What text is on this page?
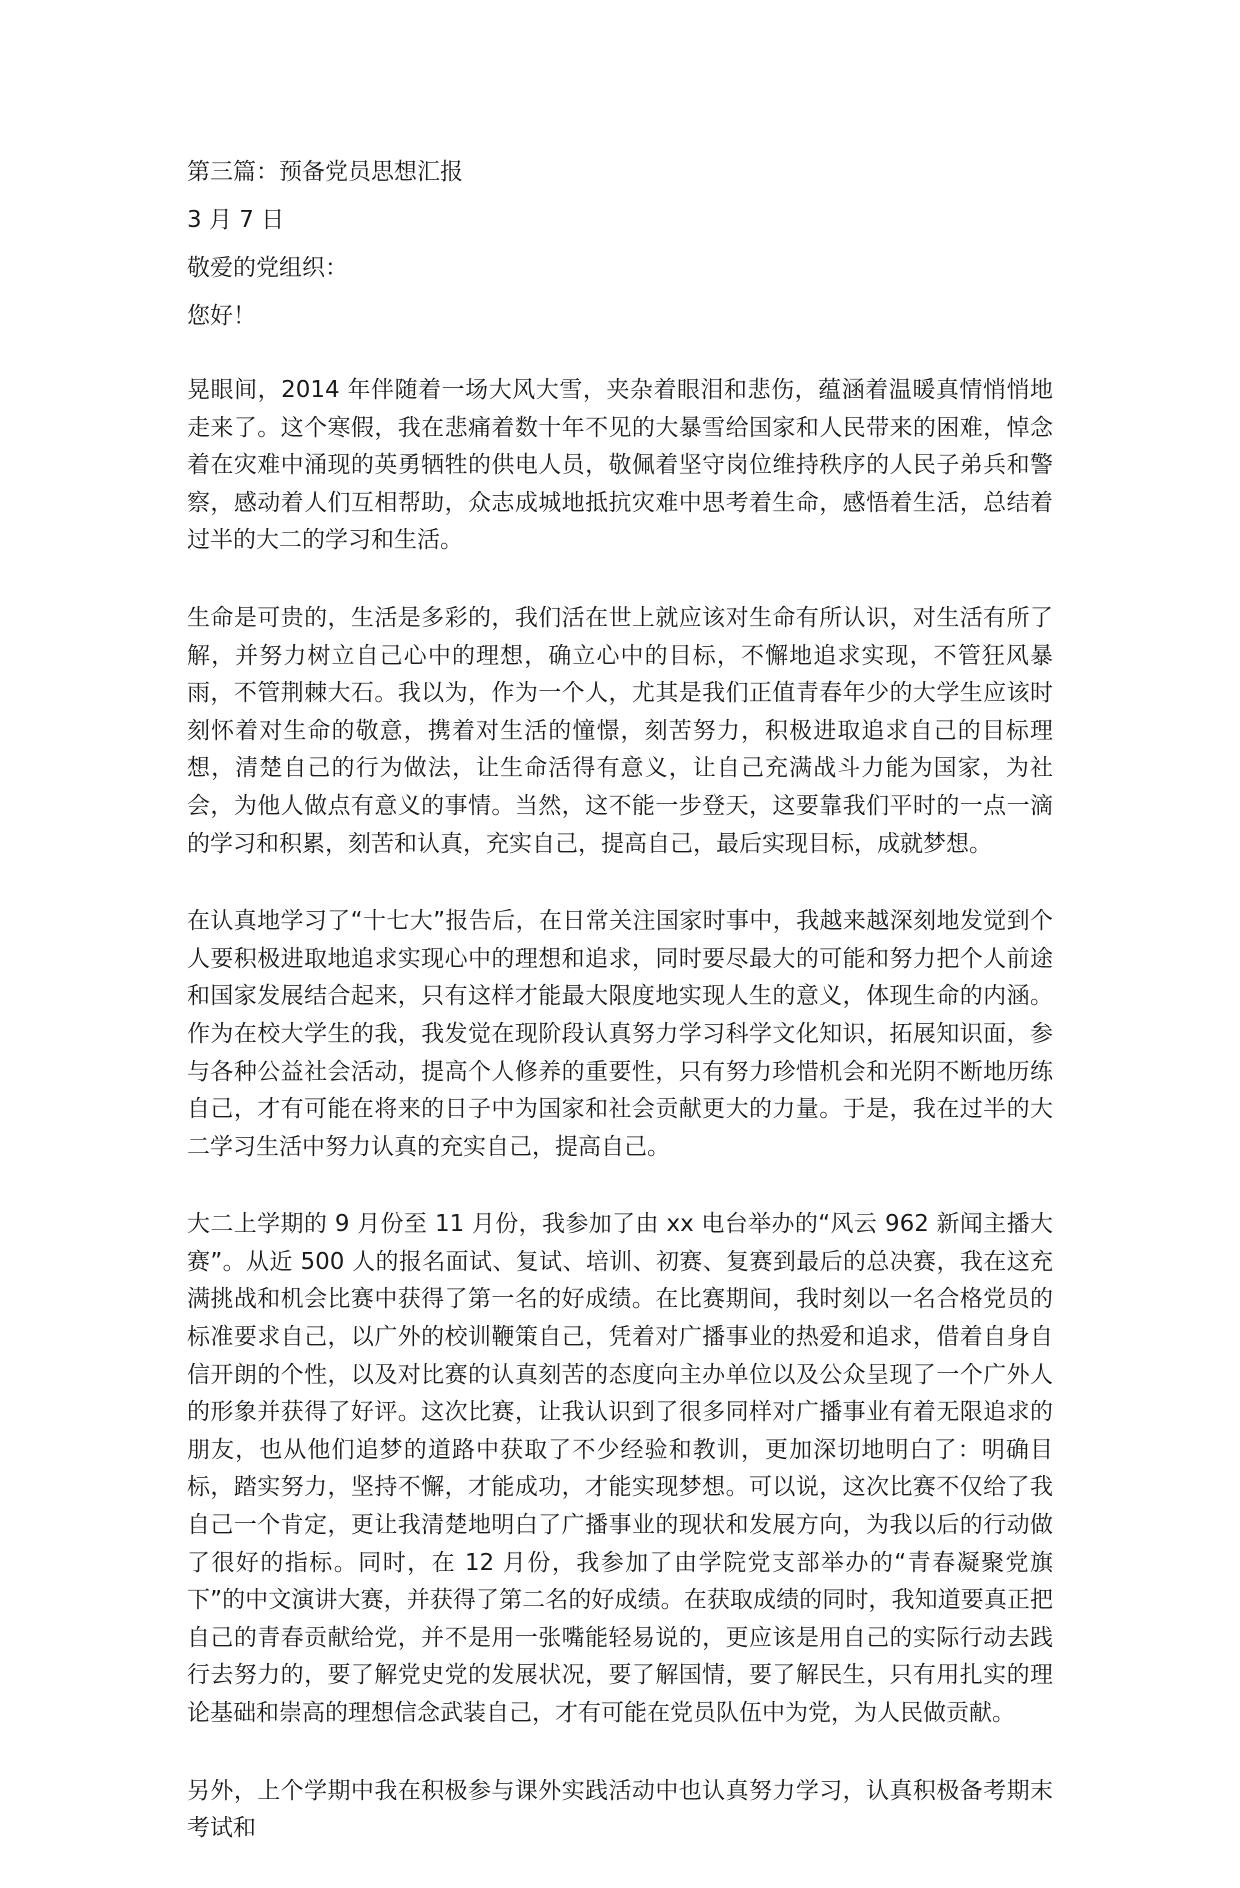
第三篇：预备党员思想汇报

3 月 7 日

敬爱的党组织：

您好！

晃眼间，2014 年伴随着一场大风大雪，夹杂着眼泪和悲伤，蕴涵着温暖真情悄悄地走来了。这个寒假，我在悲痛着数十年不见的大暴雪给国家和人民带来的困难，悼念着在灾难中涌现的英勇牺牲的供电人员，敬佩着坚守岗位维持秩序的人民子弟兵和警察，感动着人们互相帮助，众志成城地抵抗灾难中思考着生命，感悟着生活，总结着过半的大二的学习和生活。

生命是可贵的，生活是多彩的，我们活在世上就应该对生命有所认识，对生活有所了解，并努力树立自己心中的理想，确立心中的目标，不懈地追求实现，不管狂风暴雨，不管荆棘大石。我以为，作为一个人，尤其是我们正值青春年少的大学生应该时刻怀着对生命的敬意，携着对生活的憧憬，刻苦努力，积极进取追求自己的目标理想，清楚自己的行为做法，让生命活得有意义，让自己充满战斗力能为国家，为社会，为他人做点有意义的事情。当然，这不能一步登天，这要靠我们平时的一点一滴的学习和积累，刻苦和认真，充实自己，提高自己，最后实现目标，成就梦想。

在认真地学习了“十七大”报告后，在日常关注国家时事中，我越来越深刻地发觉到个人要积极进取地追求实现心中的理想和追求，同时要尽最大的可能和努力把个人前途和国家发展结合起来，只有这样才能最大限度地实现人生的意义，体现生命的内涵。作为在校大学生的我，我发觉在现阶段认真努力学习科学文化知识，拓展知识面，参与各种公益社会活动，提高个人修养的重要性，只有努力珍惜机会和光阴不断地历练自己，才有可能在将来的日子中为国家和社会贡献更大的力量。于是，我在过半的大二学习生活中努力认真的充实自己，提高自己。

大二上学期的 9 月份至 11 月份，我参加了由 xx 电台举办的“风云 962 新闻主播大赛”。从近 500 人的报名面试、复试、培训、初赛、复赛到最后的总决赛，我在这充满挑战和机会比赛中获得了第一名的好成绩。在比赛期间，我时刻以一名合格党员的标准要求自己，以广外的校训鞭策自己，凭着对广播事业的热爱和追求，借着自身自信开朗的个性，以及对比赛的认真刻苦的态度向主办单位以及公众呈现了一个广外人的形象并获得了好评。这次比赛，让我认识到了很多同样对广播事业有着无限追求的朋友，也从他们追梦的道路中获取了不少经验和教训，更加深切地明白了：明确目标，踏实努力，坚持不懈，才能成功，才能实现梦想。可以说，这次比赛不仅给了我自己一个肯定，更让我清楚地明白了广播事业的现状和发展方向，为我以后的行动做了很好的指标。同时，在 12 月份，我参加了由学院党支部举办的“青春凝聚党旗下”的中文演讲大赛，并获得了第二名的好成绩。在获取成绩的同时，我知道要真正把自己的青春贡献给党，并不是用一张嘴能轻易说的，更应该是用自己的实际行动去践行去努力的，要了解党史党的发展状况，要了解国情，要了解民生，只有用扎实的理论基础和崇高的理想信念武装自己，才有可能在党员队伍中为党，为人民做贡献。

另外，上个学期中我在积极参与课外实践活动中也认真努力学习，认真积极备考期末考试和
